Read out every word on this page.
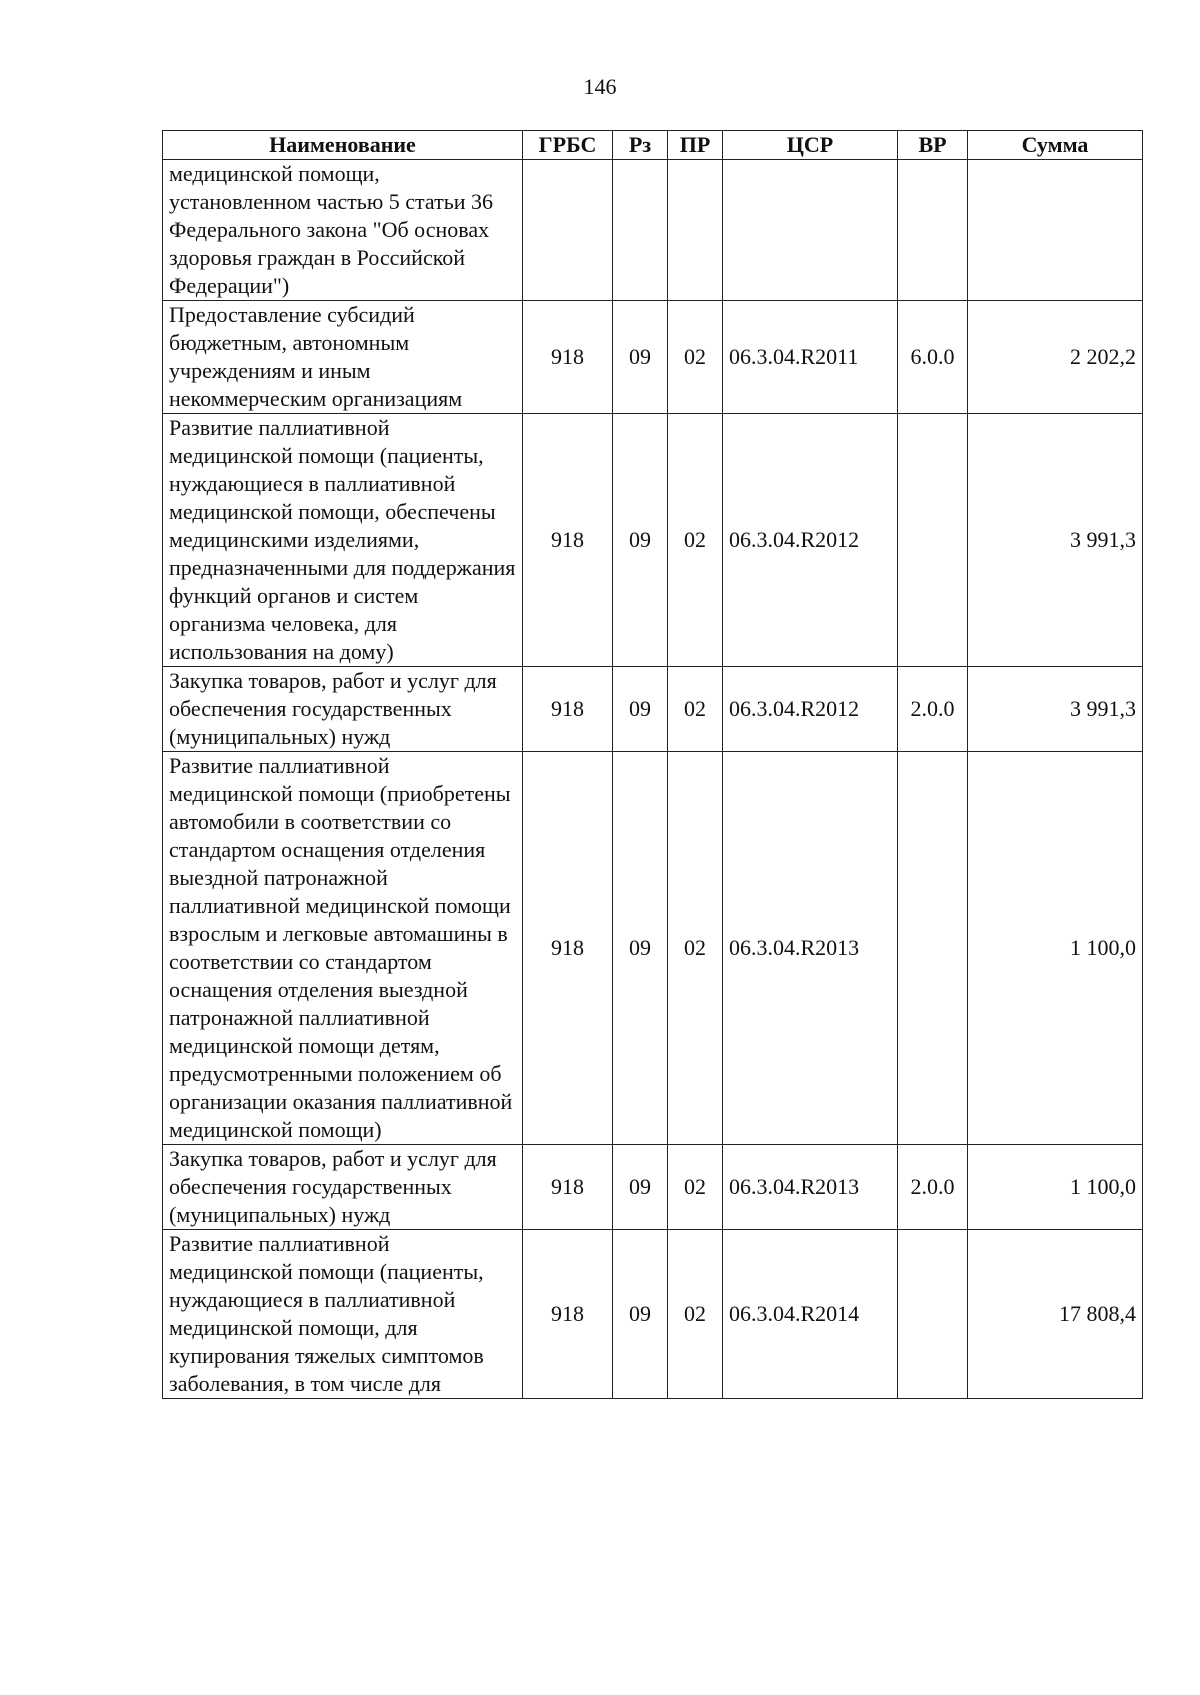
146
Наименование	ГРБС	Рз	ПР	ЦСР	ВР	Сумма
медицинской помощи, установленном частью 5 статьи 36 Федерального закона "Об основах здоровья граждан в Российской Федерации")						
Предоставление субсидий бюджетным, автономным учреждениям и иным некоммерческим организациям	918	09	02	06.3.04.R2011	6.0.0	2 202,2
Развитие паллиативной медицинской помощи (пациенты, нуждающиеся в паллиативной медицинской помощи, обеспечены медицинскими изделиями, предназначенными для поддержания функций органов и систем организма человека, для использования на дому)	918	09	02	06.3.04.R2012		3 991,3
Закупка товаров, работ и услуг для обеспечения государственных (муниципальных) нужд	918	09	02	06.3.04.R2012	2.0.0	3 991,3
Развитие паллиативной медицинской помощи (приобретены автомобили в соответствии со стандартом оснащения отделения выездной патронажной паллиативной медицинской помощи взрослым и легковые автомашины в соответствии со стандартом оснащения отделения выездной патронажной паллиативной медицинской помощи детям, предусмотренными положением об организации оказания паллиативной медицинской помощи)	918	09	02	06.3.04.R2013		1 100,0
Закупка товаров, работ и услуг для обеспечения государственных (муниципальных) нужд	918	09	02	06.3.04.R2013	2.0.0	1 100,0
Развитие паллиативной медицинской помощи (пациенты, нуждающиеся в паллиативной медицинской помощи, для купирования тяжелых симптомов заболевания, в том числе для	918	09	02	06.3.04.R2014		17 808,4
